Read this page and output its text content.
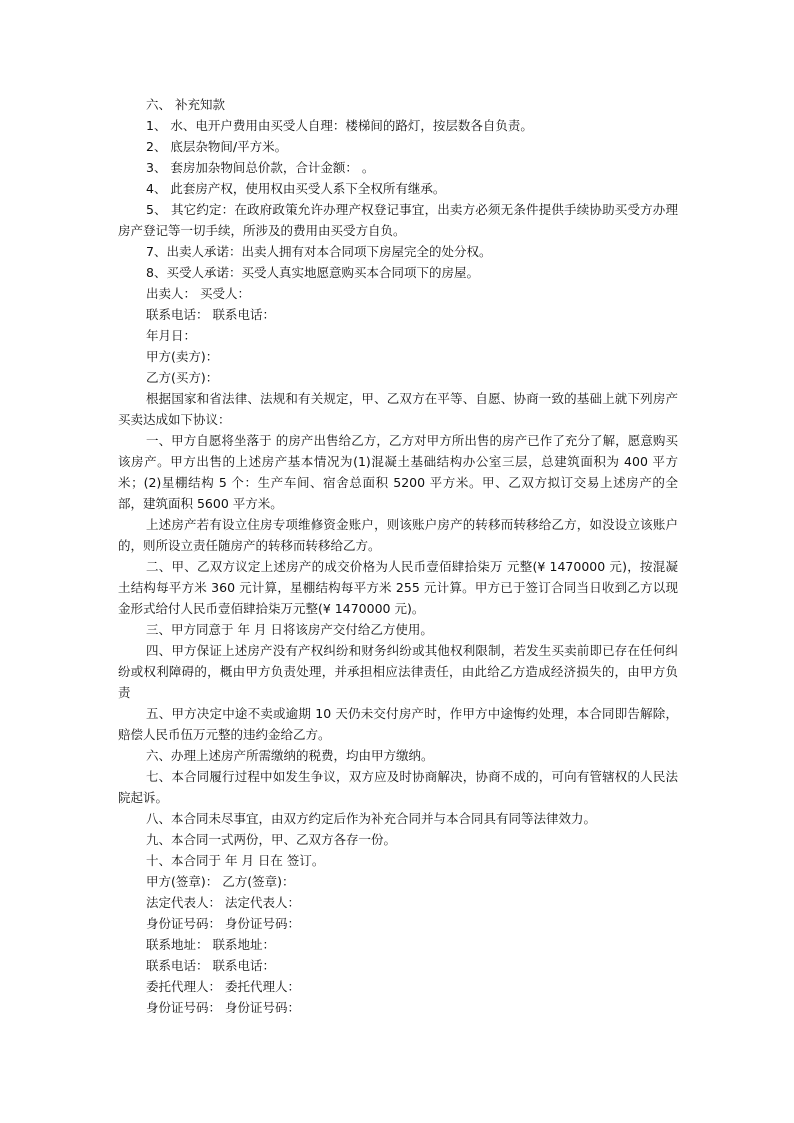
六、 补充知款

1、 水、电开户费用由买受人自理：楼梯间的路灯，按层数各自负责。

2、 底层杂物间/平方米。

3、 套房加杂物间总价款，合计金额： 。

4、 此套房产权，使用权由买受人系下全权所有继承。

5、 其它约定：在政府政策允许办理产权登记事宜，出卖方必须无条件提供手续协助买受方办理房产登记等一切手续，所涉及的费用由买受方自负。

7、出卖人承诺：出卖人拥有对本合同项下房屋完全的处分权。

8、买受人承诺：买受人真实地愿意购买本合同项下的房屋。

出卖人： 买受人：

联系电话： 联系电话：

年月日：

甲方(卖方)：

乙方(买方)：

根据国家和省法律、法规和有关规定，甲、乙双方在平等、自愿、协商一致的基础上就下列房产买卖达成如下协议：

一、甲方自愿将坐落于 的房产出售给乙方，乙方对甲方所出售的房产已作了充分了解，愿意购买该房产。甲方出售的上述房产基本情况为(1)混凝土基础结构办公室三层，总建筑面积为 400 平方米；(2)星棚结构 5 个：生产车间、宿舍总面积 5200 平方米。甲、乙双方拟订交易上述房产的全部，建筑面积 5600 平方米。

上述房产若有设立住房专项维修资金账户，则该账户房产的转移而转移给乙方，如没设立该账户的，则所设立责任随房产的转移而转移给乙方。

二、甲、乙双方议定上述房产的成交价格为人民币壹佰肆拾柒万 元整(¥ 1470000 元)，按混凝土结构每平方米 360 元计算，星棚结构每平方米 255 元计算。甲方已于签订合同当日收到乙方以现金形式给付人民币壹佰肆拾柒万元整(¥ 1470000 元)。

三、甲方同意于 年 月 日将该房产交付给乙方使用。

四、甲方保证上述房产没有产权纠纷和财务纠纷或其他权利限制，若发生买卖前即已存在任何纠纷或权利障碍的，概由甲方负责处理，并承担相应法律责任，由此给乙方造成经济损失的，由甲方负责

五、甲方决定中途不卖或逾期 10 天仍未交付房产时，作甲方中途悔约处理，本合同即告解除，赔偿人民币伍万元整的违约金给乙方。

六、办理上述房产所需缴纳的税费，均由甲方缴纳。

七、本合同履行过程中如发生争议，双方应及时协商解决，协商不成的，可向有管辖权的人民法院起诉。

八、本合同未尽事宜，由双方约定后作为补充合同并与本合同具有同等法律效力。

九、本合同一式两份，甲、乙双方各存一份。

十、本合同于 年 月 日在 签订。

甲方(签章)： 乙方(签章)：

法定代表人： 法定代表人：

身份证号码： 身份证号码：

联系地址： 联系地址：

联系电话： 联系电话：

委托代理人： 委托代理人：

身份证号码： 身份证号码：
